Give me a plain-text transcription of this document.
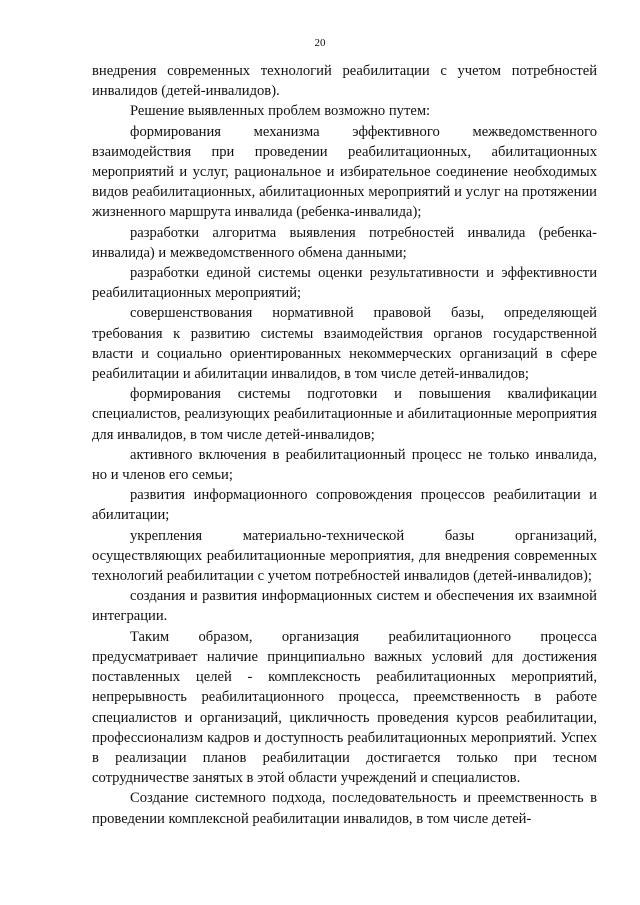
20

внедрения современных технологий реабилитации с учетом потребностей инвалидов (детей-инвалидов).

Решение выявленных проблем возможно путем:

формирования механизма эффективного межведомственного взаимодействия при проведении реабилитационных, абилитационных мероприятий и услуг, рациональное и избирательное соединение необходимых видов реабилитационных, абилитационных мероприятий и услуг на протяжении жизненного маршрута инвалида (ребенка-инвалида);

разработки алгоритма выявления потребностей инвалида (ребенка-инвалида) и межведомственного обмена данными;

разработки единой системы оценки результативности и эффективности реабилитационных мероприятий;

совершенствования нормативной правовой базы, определяющей требования к развитию системы взаимодействия органов государственной власти и социально ориентированных некоммерческих организаций в сфере реабилитации и абилитации инвалидов, в том числе детей-инвалидов;

формирования системы подготовки и повышения квалификации специалистов, реализующих реабилитационные и абилитационные мероприятия для инвалидов, в том числе детей-инвалидов;

активного включения в реабилитационный процесс не только инвалида, но и членов его семьи;

развития информационного сопровождения процессов реабилитации и абилитации;

укрепления материально-технической базы организаций, осуществляющих реабилитационные мероприятия, для внедрения современных технологий реабилитации с учетом потребностей инвалидов (детей-инвалидов);

создания и развития информационных систем и обеспечения их взаимной интеграции.

Таким образом, организация реабилитационного процесса предусматривает наличие принципиально важных условий для достижения поставленных целей - комплексность реабилитационных мероприятий, непрерывность реабилитационного процесса, преемственность в работе специалистов и организаций, цикличность проведения курсов реабилитации, профессионализм кадров и доступность реабилитационных мероприятий. Успех в реализации планов реабилитации достигается только при тесном сотрудничестве занятых в этой области учреждений и специалистов.

Создание системного подхода, последовательность и преемственность в проведении комплексной реабилитации инвалидов, в том числе детей-
